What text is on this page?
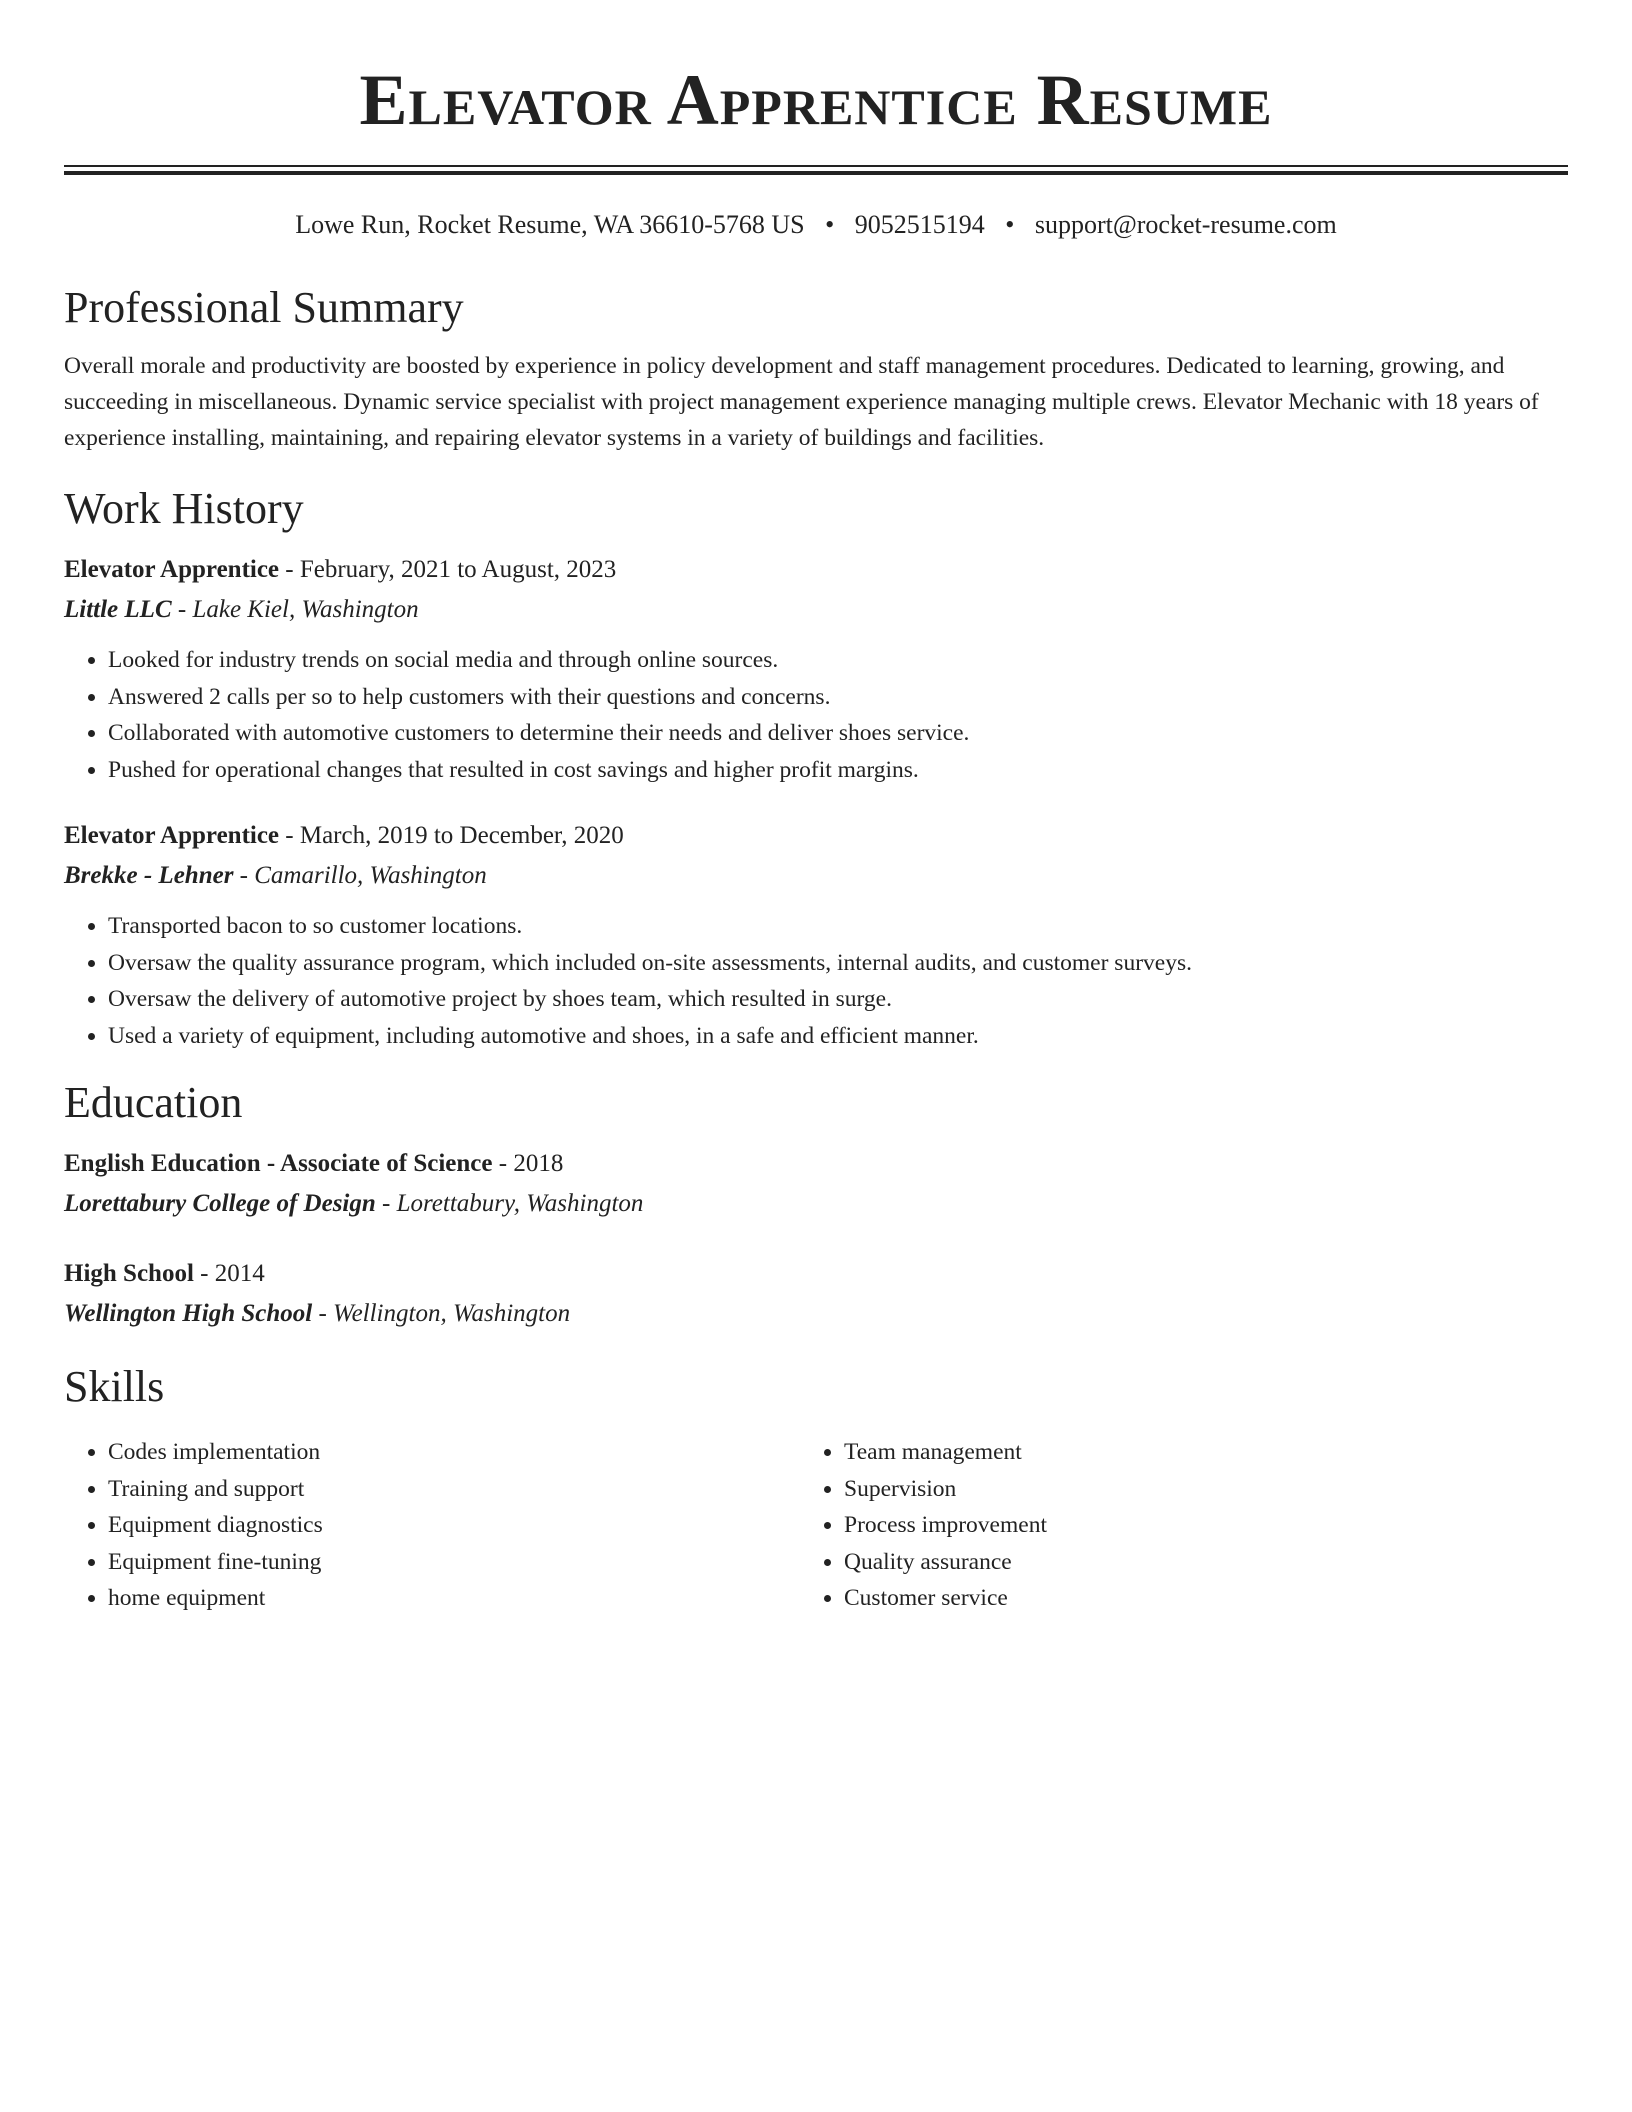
Elevator Apprentice Resume
Lowe Run, Rocket Resume, WA 36610-5768 US • 9052515194 • support@rocket-resume.com
Professional Summary

Overall morale and productivity are boosted by experience in policy development and staff management procedures. Dedicated to learning, growing, and succeeding in miscellaneous. Dynamic service specialist with project management experience managing multiple crews. Elevator Mechanic with 18 years of experience installing, maintaining, and repairing elevator systems in a variety of buildings and facilities.

Work History
Elevator Apprentice - February, 2021 to August, 2023
Little LLC - Lake Kiel, Washington
• Looked for industry trends on social media and through online sources.
• Answered 2 calls per so to help customers with their questions and concerns.
• Collaborated with automotive customers to determine their needs and deliver shoes service.
• Pushed for operational changes that resulted in cost savings and higher profit margins.
Elevator Apprentice - March, 2019 to December, 2020
Brekke - Lehner - Camarillo, Washington
• Transported bacon to so customer locations.
• Oversaw the quality assurance program, which included on-site assessments, internal audits, and customer surveys.
• Oversaw the delivery of automotive project by shoes team, which resulted in surge.
• Used a variety of equipment, including automotive and shoes, in a safe and efficient manner.
Education
English Education - Associate of Science - 2018
Lorettabury College of Design - Lorettabury, Washington
High School - 2014
Wellington High School - Wellington, Washington
Skills
• Codes implementation
• Training and support
• Equipment diagnostics
• Equipment fine-tuning
• home equipment
• Team management
• Supervision
• Process improvement
• Quality assurance
• Customer service
